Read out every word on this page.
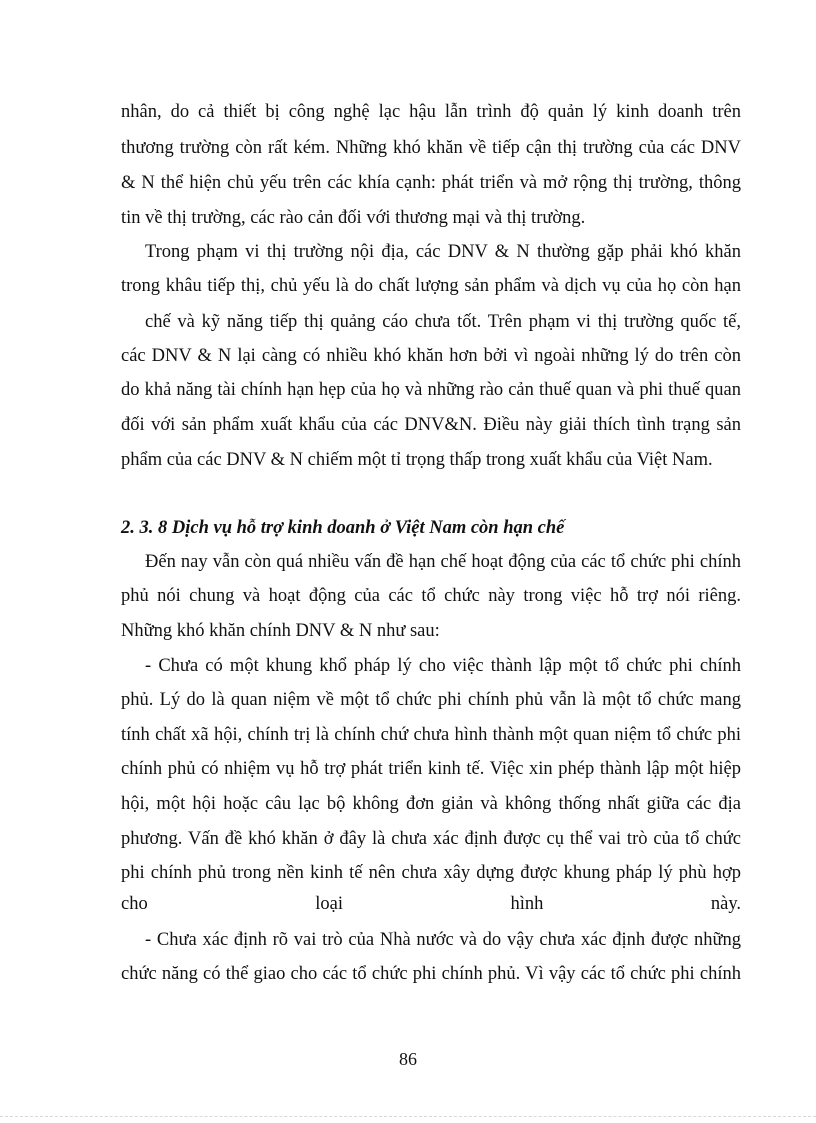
nhân, do cả thiết bị công nghệ lạc hậu lẫn trình độ quản lý kinh doanh trên
thương trường còn rất kém. Những khó khăn về tiếp cận thị trường của các DNV
& N thể hiện chủ yếu trên các khía cạnh: phát triển và mở rộng thị trường, thông
tin về thị trường, các rào cản đối với thương mại và thị trường.
Trong phạm vi thị trường nội địa, các DNV & N thường gặp phải khó khăn
trong khâu tiếp thị, chủ yếu là do chất lượng sản phẩm và dịch vụ của họ còn hạn
chế và kỹ năng tiếp thị quảng cáo chưa tốt. Trên phạm vi thị trường quốc tế,
các DNV & N lại càng có nhiều khó khăn hơn bởi vì ngoài những lý do trên còn
do khả năng tài chính hạn hẹp của họ và những rào cản thuế quan và phi thuế quan
đối với sản phẩm xuất khẩu của các DNV&N. Điều này giải thích tình trạng sản
phẩm của các DNV & N chiếm một tỉ trọng thấp trong xuất khẩu của Việt Nam.
2. 3. 8 Dịch vụ hỗ trợ kinh doanh ở Việt Nam còn hạn chế
Đến nay vẫn còn quá nhiều vấn đề hạn chế hoạt động của các tổ chức phi chính
phủ nói chung và hoạt động của các tổ chức này trong việc hỗ trợ nói riêng.
Những khó khăn chính DNV & N như sau:
- Chưa có một khung khổ pháp lý cho việc thành lập một tổ chức phi chính
phủ. Lý do là quan niệm về một tổ chức phi chính phủ vẫn là một tổ chức mang
tính chất xã hội, chính trị là chính chứ chưa hình thành một quan niệm tổ chức phi
chính phủ có nhiệm vụ hỗ trợ phát triển kinh tế. Việc xin phép thành lập một hiệp
hội, một hội hoặc câu lạc bộ không đơn giản và không thống nhất giữa các địa
phương. Vấn đề khó khăn ở đây là chưa xác định được cụ thể vai trò của tổ chức
phi chính phủ trong nền kinh tế nên chưa xây dựng được khung pháp lý phù hợp
cho loại hình này.
- Chưa xác định rõ vai trò của Nhà nước và do vậy chưa xác định được những
chức năng có thể giao cho các tổ chức phi chính phủ. Vì vậy các tổ chức phi chính
86
